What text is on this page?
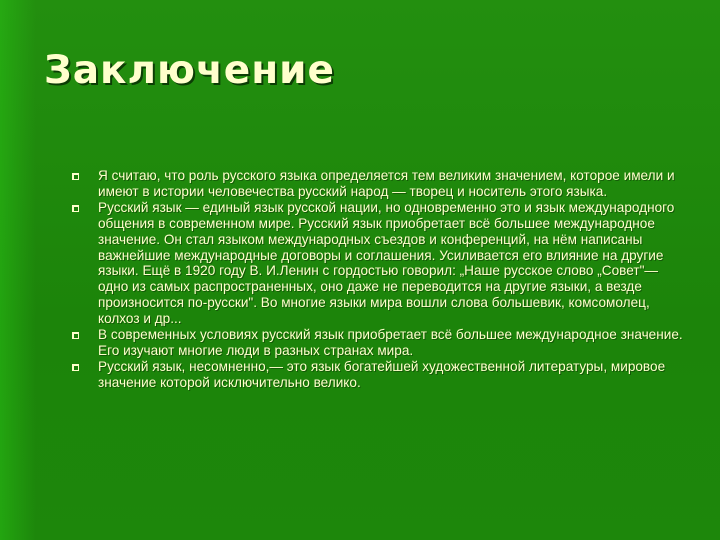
Заключение
Я считаю, что роль русского языка определяется тем великим значением, которое имели и имеют в истории человечества русский народ — творец и носитель этого языка.
Русский язык — единый язык русской нации, но одновременно это и язык международного общения в современном мире. Русский язык приобретает всё большее международное значение. Он стал языком международных съездов и конференций, на нём написаны важнейшие международные договоры и соглашения. Усиливается его влияние на другие языки. Ещё в 1920 году В. И.Ленин с гордостью говорил: „Наше русское слово „Совет"— одно из самых распространенных, оно даже не переводится на другие языки, а везде произносится по-русски". Во многие языки мира вошли слова большевик, комсомолец, колхоз и др...
В современных условиях русский язык приобретает всё большее международное значение. Его изучают многие люди в разных странах мира.
Русский язык, несомненно,— это язык богатейшей художественной литературы, мировое значение которой исключительно велико.
